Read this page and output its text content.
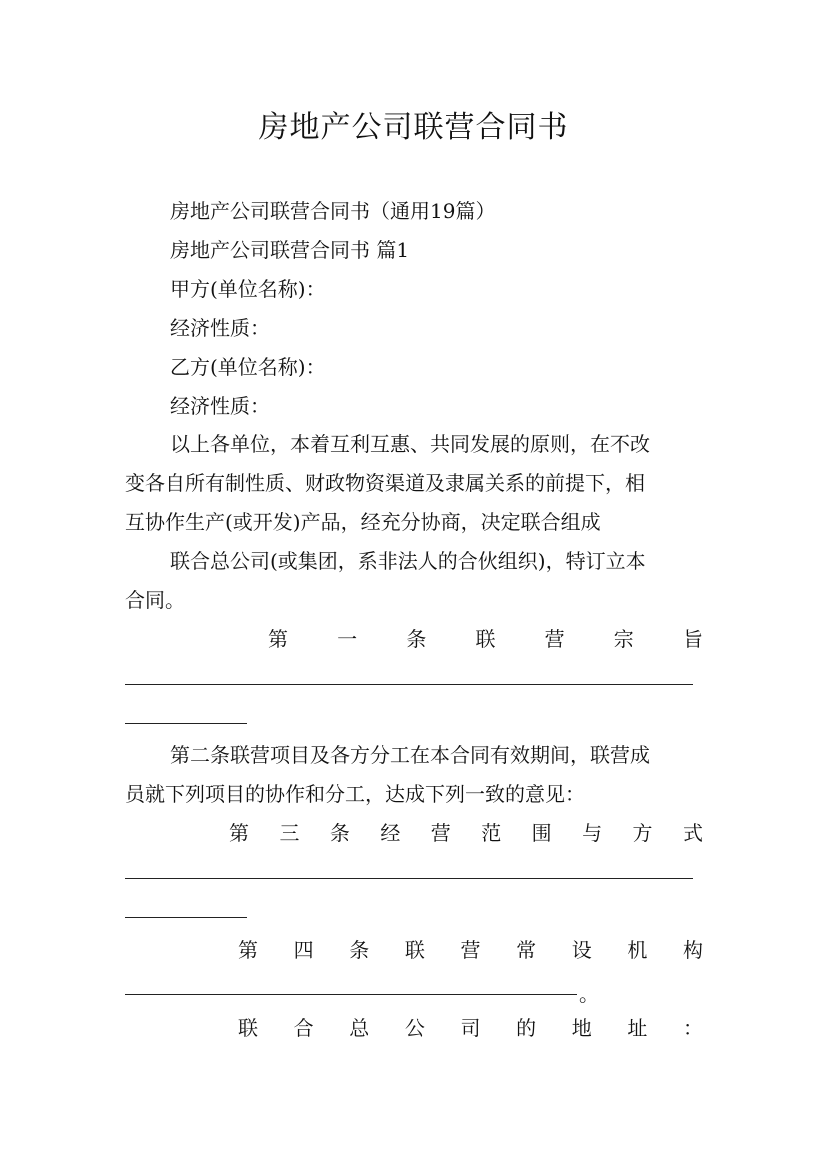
房地产公司联营合同书
房地产公司联营合同书（通用19篇）
房地产公司联营合同书 篇1
甲方(单位名称)：
经济性质：
乙方(单位名称)：
经济性质：
以上各单位，本着互利互惠、共同发展的原则，在不改
变各自所有制性质、财政物资渠道及隶属关系的前提下，相
互协作生产(或开发)产品，经充分协商，决定联合组成
联合总公司(或集团，系非法人的合伙组织)，特订立本
合同。
第 一 条 联 营 宗 旨
第二条联营项目及各方分工在本合同有效期间，联营成
员就下列项目的协作和分工，达成下列一致的意见：
第 三 条 经 营 范 围 与 方 式
第 四 条 联 营 常 设 机 构
。
联 合 总 公 司 的 地 址 ：
